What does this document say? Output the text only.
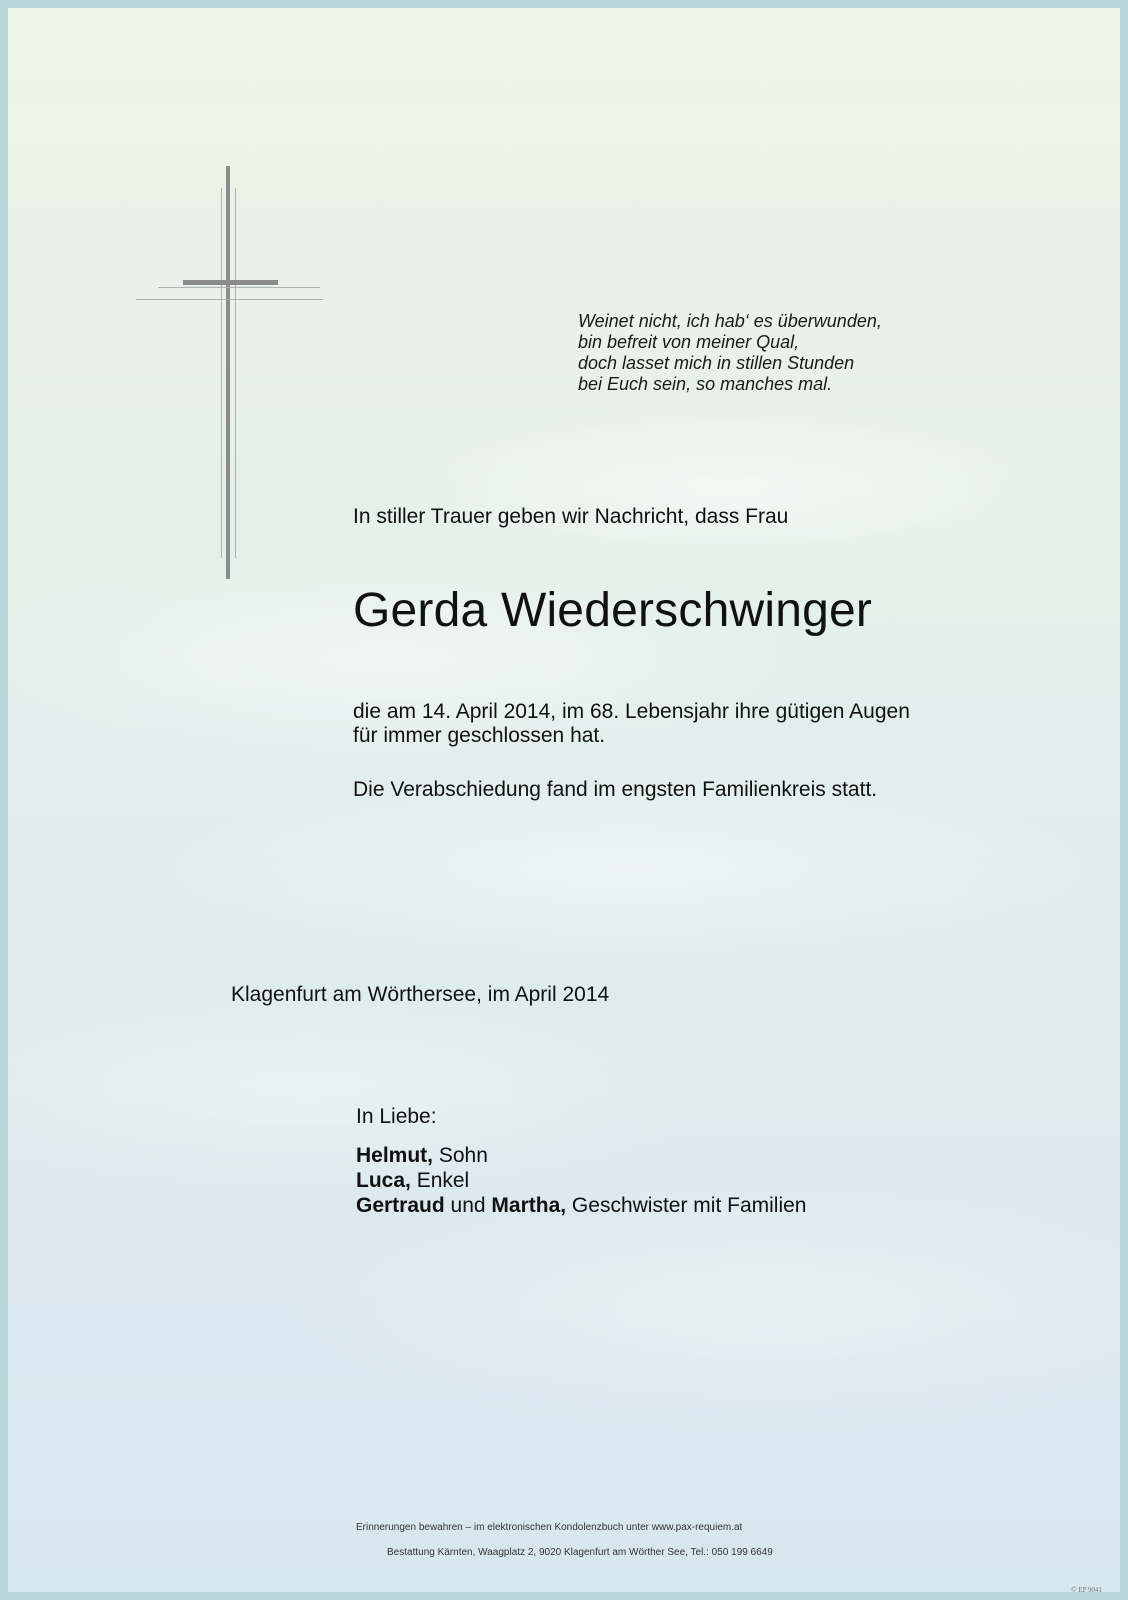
Weinet nicht, ich hab‘ es überwunden,
bin befreit von meiner Qual,
doch lasset mich in stillen Stunden
bei Euch sein, so manches mal.
In stiller Trauer geben wir Nachricht, dass Frau
Gerda Wiederschwinger
die am 14. April 2014, im 68. Lebensjahr ihre gütigen Augen
für immer geschlossen hat.
Die Verabschiedung fand im engsten Familienkreis statt.
Klagenfurt am Wörthersee, im April 2014
In Liebe:
Helmut, Sohn
Luca, Enkel
Gertraud und Martha, Geschwister mit Familien
Erinnerungen bewahren – im elektronischen Kondolenzbuch unter www.pax-requiem.at
Bestattung Kärnten, Waagplatz 2, 9020 Klagenfurt am Wörther See, Tel.: 050 199 6649
© EP 9041
